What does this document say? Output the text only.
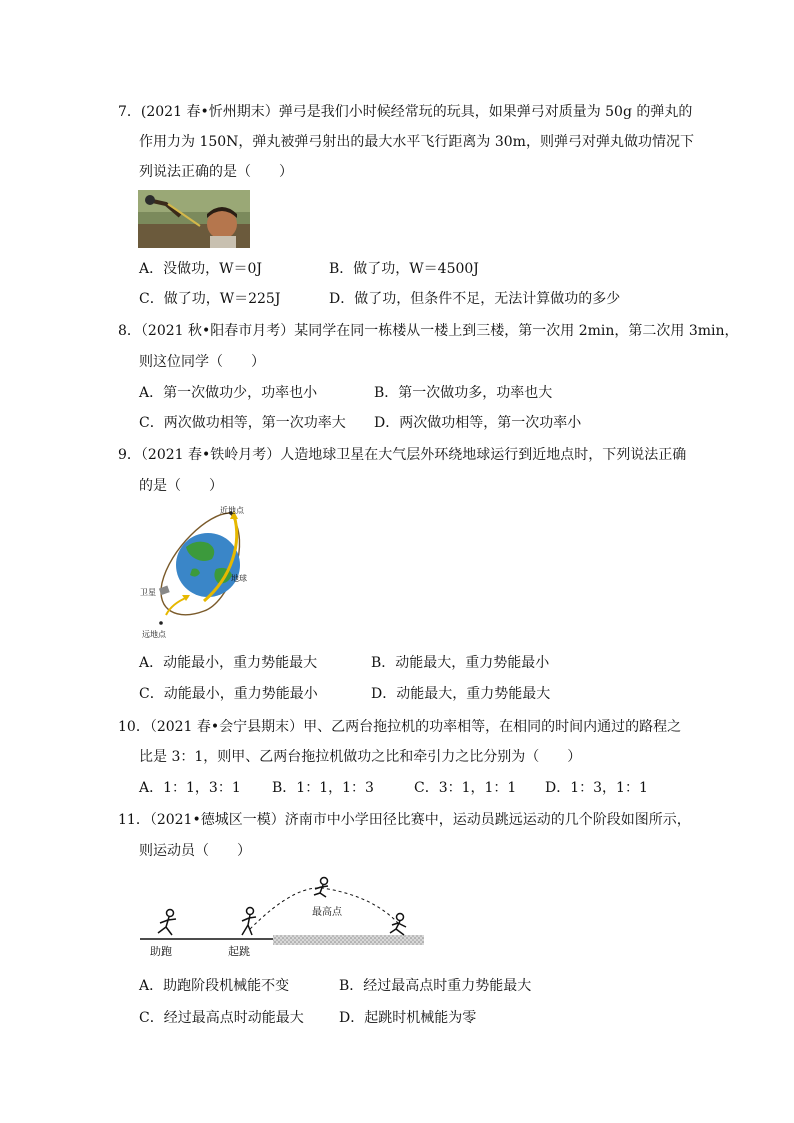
7．(2021 春•忻州期末）弹弓是我们小时候经常玩的玩具，如果弹弓对质量为 50g 的弹丸的
作用力为 150N，弹丸被弹弓射出的最大水平飞行距离为 30m，则弹弓对弹丸做功情况下
列说法正确的是（　　）
A．没做功，W＝0J	B．做了功，W＝4500J
C．做了功，W＝225J	D．做了功，但条件不足，无法计算做功的多少
8．（2021 秋•阳春市月考）某同学在同一栋楼从一楼上到三楼，第一次用 2min，第二次用 3min，
则这位同学（　　）
A．第一次做功少，功率也小	B．第一次做功多，功率也大
C．两次做功相等，第一次功率大 D．两次做功相等，第一次功率小
9．（2021 春•铁岭月考）人造地球卫星在大气层外环绕地球运行到近地点时，下列说法正确
的是（　　）
近地点
地球
卫星
远地点
A．动能最小，重力势能最大	B．动能最大，重力势能最小
C．动能最小，重力势能最小	D．动能最大，重力势能最大
10．（2021 春•会宁县期末）甲、乙两台拖拉机的功率相等，在相同的时间内通过的路程之
比是 3：1，则甲、乙两台拖拉机做功之比和牵引力之比分别为（　　）
A．1：1，3：1 B．1：1，1：3	C．3：1，1：1 D．1：3，1：1
11．（2021•德城区一模）济南市中小学田径比赛中，运动员跳远运动的几个阶段如图所示，
则运动员（　　）
助跑	起跳
最高点
A．助跑阶段机械能不变	B．经过最高点时重力势能最大
C．经过最高点时动能最大	D．起跳时机械能为零
